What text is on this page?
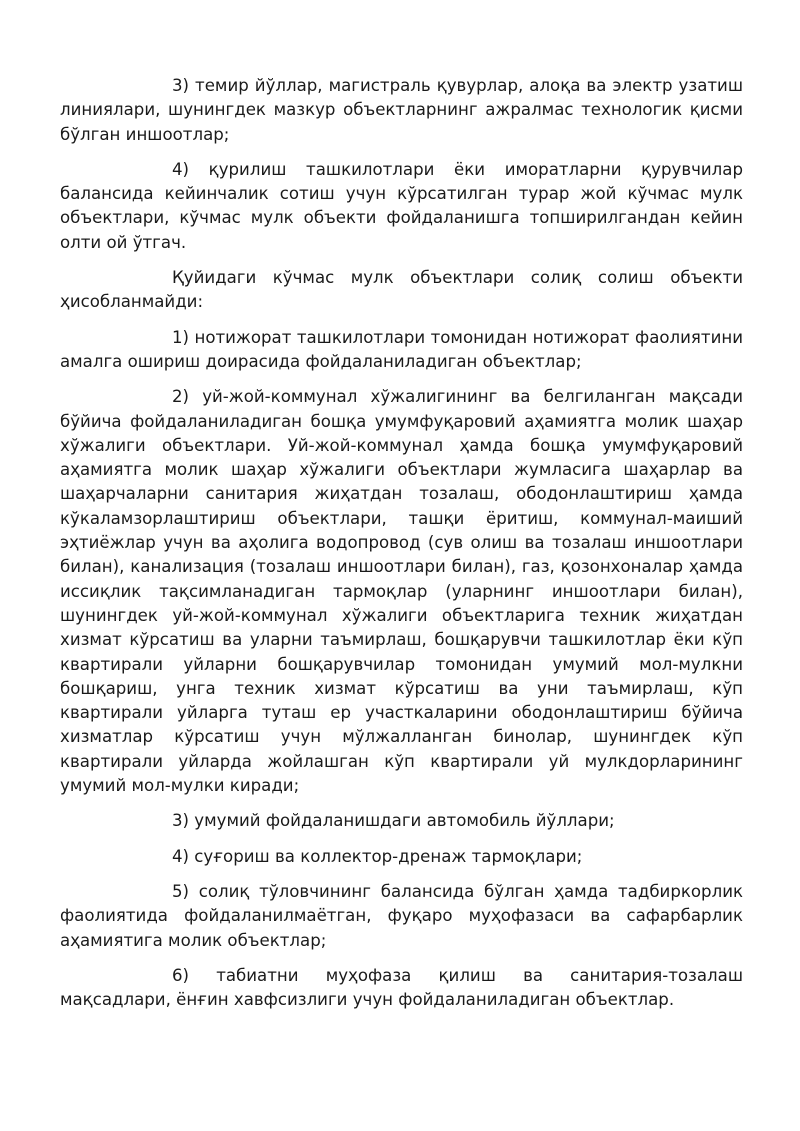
3) темир йўллар, магистраль қувурлар, алоқа ва электр узатиш линиялари, шунингдек мазкур объектларнинг ажралмас технологик қисми бўлган иншоотлар;

4) қурилиш ташкилотлари ёки иморатларни қурувчилар балансида кейинчалик сотиш учун кўрсатилган турар жой кўчмас мулк объектлари, кўчмас мулк объекти фойдаланишга топширилгандан кейин олти ой ўтгач.

Қуйидаги кўчмас мулк объектлари солиқ солиш объекти ҳисобланмайди:

1) нотижорат ташкилотлари томонидан нотижорат фаолиятини амалга ошириш доирасида фойдаланиладиган объектлар;

2) уй-жой-коммунал хўжалигининг ва белгиланган мақсади бўйича фойдаланиладиган бошқа умумфуқаровий аҳамиятга молик шаҳар хўжалиги объектлари. Уй-жой-коммунал ҳамда бошқа умумфуқаровий аҳамиятга молик шаҳар хўжалиги объектлари жумласига шаҳарлар ва шаҳарчаларни санитария жиҳатдан тозалаш, ободонлаштириш ҳамда кўкаламзорлаштириш объектлари, ташқи ёритиш, коммунал-маиший эҳтиёжлар учун ва аҳолига водопровод (сув олиш ва тозалаш иншоотлари билан), канализация (тозалаш иншоотлари билан), газ, қозонхоналар ҳамда иссиқлик тақсимланадиган тармоқлар (уларнинг иншоотлари билан), шунингдек уй-жой-коммунал хўжалиги объектларига техник жиҳатдан хизмат кўрсатиш ва уларни таъмирлаш, бошқарувчи ташкилотлар ёки кўп квартирали уйларни бошқарувчилар томонидан умумий мол-мулкни бошқариш, унга техник хизмат кўрсатиш ва уни таъмирлаш, кўп квартирали уйларга туташ ер участкаларини ободонлаштириш бўйича хизматлар кўрсатиш учун мўлжалланган бинолар, шунингдек кўп квартирали уйларда жойлашган кўп квартирали уй мулкдорларининг умумий мол-мулки киради;

3) умумий фойдаланишдаги автомобиль йўллари;

4) суғориш ва коллектор-дренаж тармоқлари;

5) солиқ тўловчининг балансида бўлган ҳамда тадбиркорлик фаолиятида фойдаланилмаётган, фуқаро муҳофазаси ва сафарбарлик аҳамиятига молик объектлар;

6) табиатни муҳофаза қилиш ва санитария-тозалаш мақсадлари, ёнғин хавфсизлиги учун фойдаланиладиган объектлар.
